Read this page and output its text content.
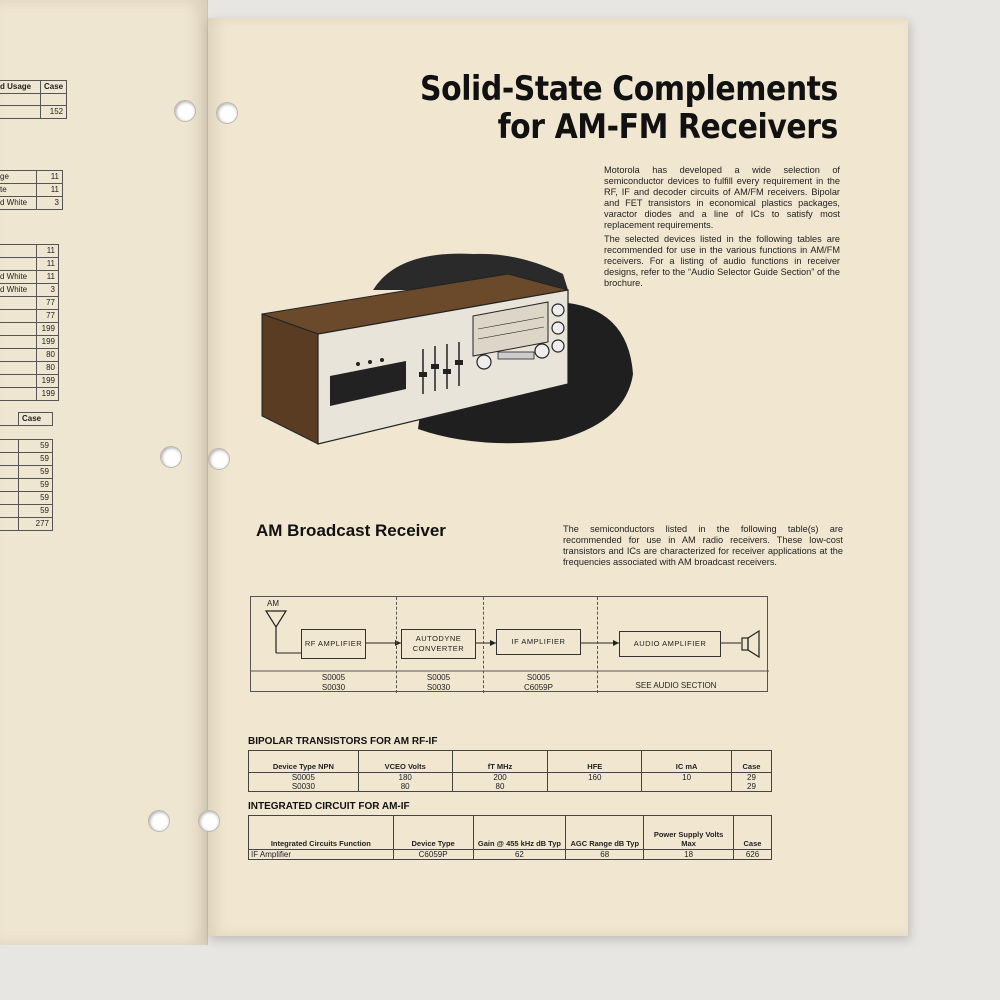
d Usage	Case

	152
ge	11
te	11
d White	3
	11
	11
d White	11
d White	3
	77
	77
	199
	199
	80
	80
	199
	199
	Case

	59
	59
	59
	59
	59
	59
	277
Solid-State Complements
for AM-FM Receivers

Motorola has developed a wide selection of semiconductor devices to fulfill every requirement in the RF, IF and decoder circuits of AM/FM receivers. Bipolar and FET transistors in economical plastics packages, varactor diodes and a line of ICs to satisfy most replacement requirements.

The selected devices listed in the following tables are recommended for use in the various functions in AM/FM receivers. For a listing of audio functions in receiver designs, refer to the “Audio Selector Guide Section” of the brochure.

AM Broadcast Receiver	The semiconductors listed in the following table(s) are recommended for use in AM radio receivers. These low-cost transistors and ICs are characterized for receiver applications at the frequencies associated with AM broadcast receivers.
AM
RF AMPLIFIER
AUTODYNE CONVERTER
IF AMPLIFIER	AUDIO AMPLIFIER
S0005
S0030
S0005
S0030
S0005
C6059P	SEE AUDIO SECTION
BIPOLAR TRANSISTORS FOR AM RF-IF
Device Type NPN	VCEO Volts	fT MHz	HFE	IC mA	Case
S0005	180	200	160	10	29
S0030	80	80			29
INTEGRATED CIRCUIT FOR AM-IF
Integrated Circuits Function	Device Type	Gain @ 455 kHz dB Typ	AGC Range dB Typ	Power Supply Volts Max	Case
IF Amplifier	C6059P	62	68	18	626
